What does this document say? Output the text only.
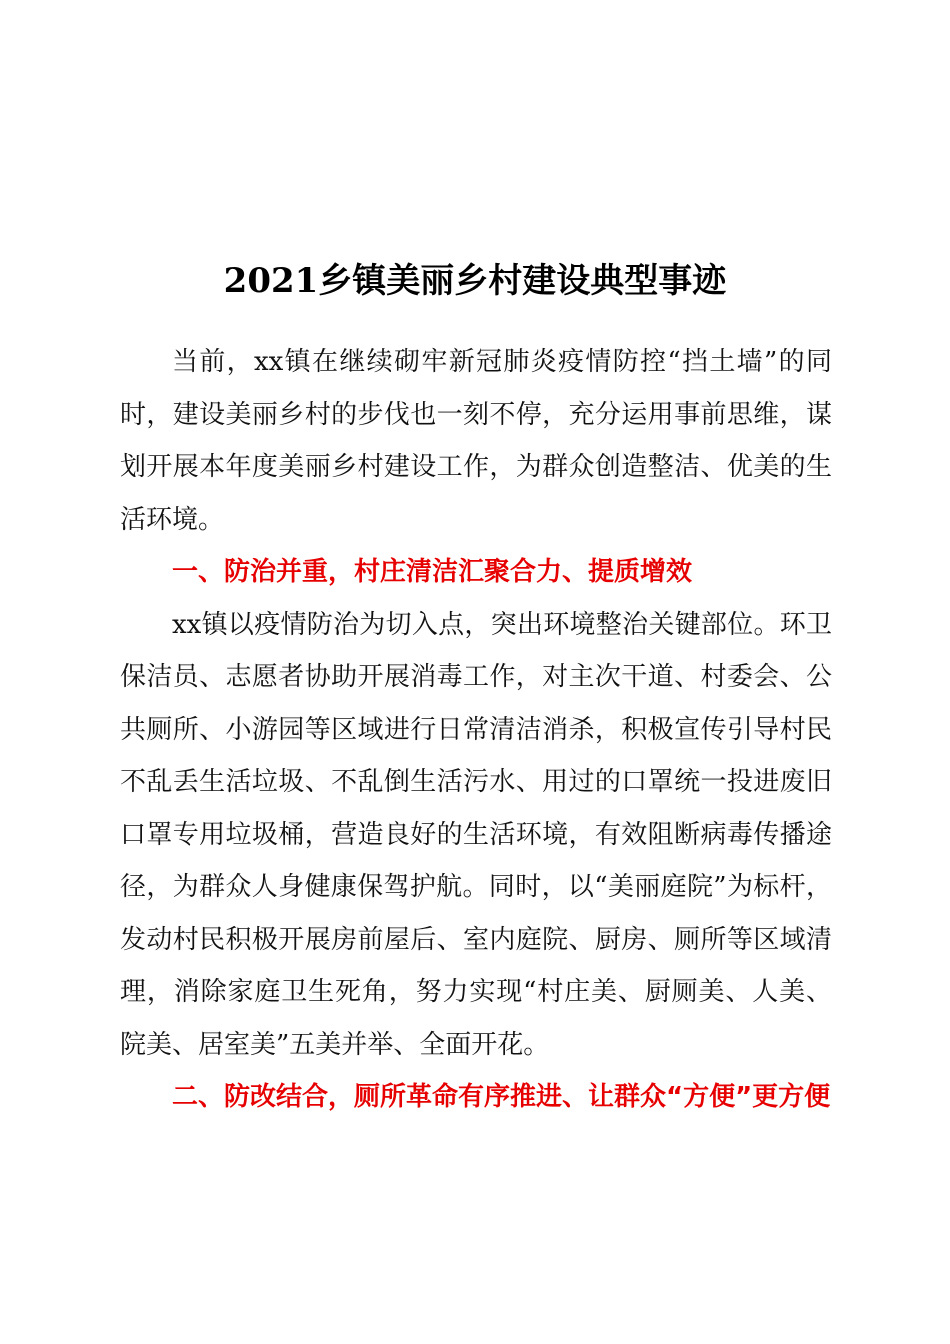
2021乡镇美丽乡村建设典型事迹

当前，xx镇在继续砌牢新冠肺炎疫情防控“挡土墙”的同时，建设美丽乡村的步伐也一刻不停，充分运用事前思维，谋划开展本年度美丽乡村建设工作，为群众创造整洁、优美的生活环境。

一、防治并重，村庄清洁汇聚合力、提质增效

xx镇以疫情防治为切入点，突出环境整治关键部位。环卫保洁员、志愿者协助开展消毒工作，对主次干道、村委会、公共厕所、小游园等区域进行日常清洁消杀，积极宣传引导村民不乱丢生活垃圾、不乱倒生活污水、用过的口罩统一投进废旧口罩专用垃圾桶，营造良好的生活环境，有效阻断病毒传播途径，为群众人身健康保驾护航。同时，以“美丽庭院”为标杆，发动村民积极开展房前屋后、室内庭院、厨房、厕所等区域清理，消除家庭卫生死角，努力实现“村庄美、厨厕美、人美、院美、居室美”五美并举、全面开花。

二、防改结合，厕所革命有序推进、让群众“方便”更方便
